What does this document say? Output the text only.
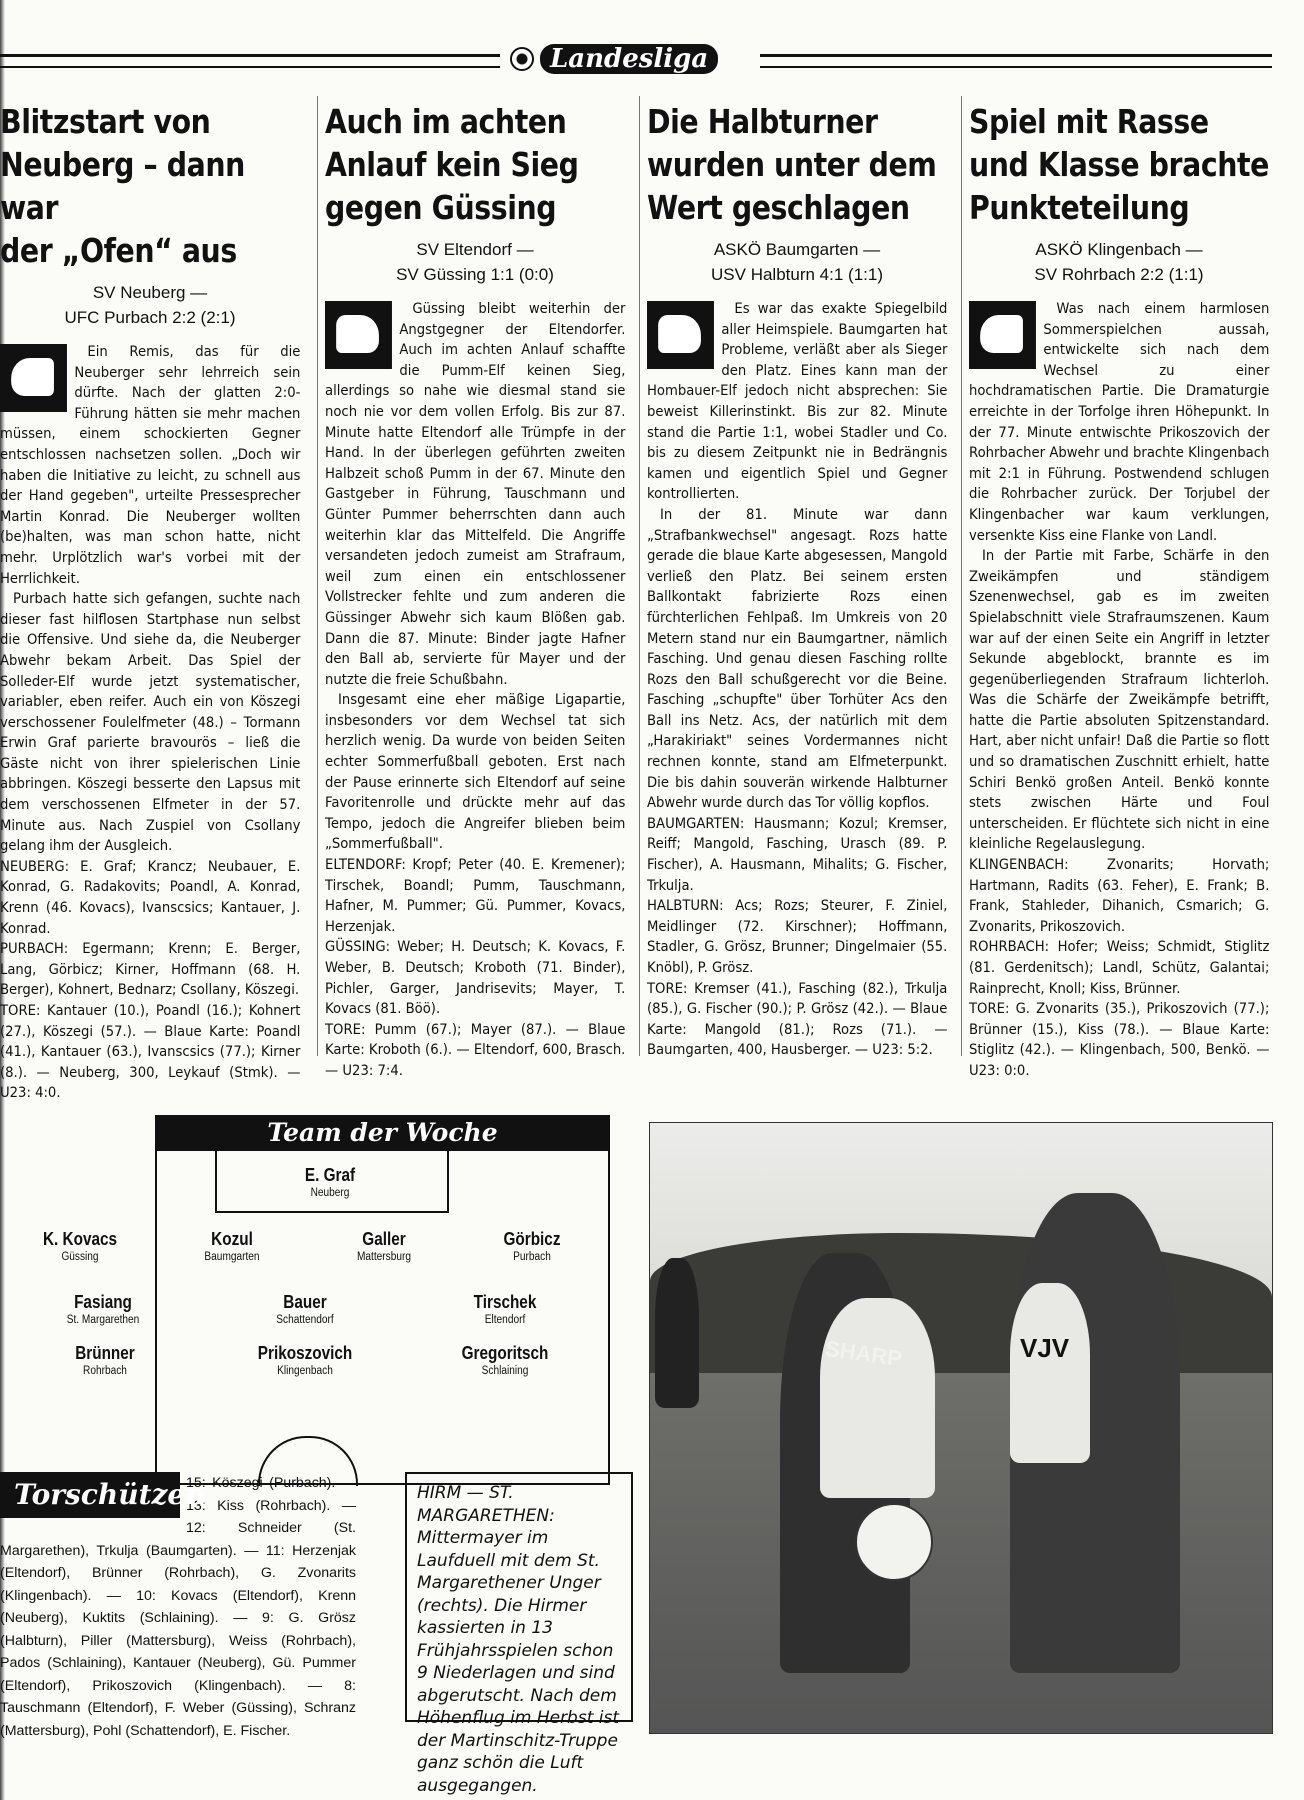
Landesliga
Blitzstart von
Neuberg – dann war
der „Ofen“ aus
SV Neuberg —
UFC Purbach 2:2 (2:1)

Ein Remis, das für die Neuberger sehr lehrreich sein dürfte. Nach der glatten 2:0-Führung hätten sie mehr machen müssen, einem schockierten Gegner entschlossen nachsetzen sollen. „Doch wir haben die Initiative zu leicht, zu schnell aus der Hand gegeben", urteilte Pressesprecher Martin Konrad. Die Neuberger wollten (be)halten, was man schon hatte, nicht mehr. Urplötzlich war's vorbei mit der Herrlichkeit.

Purbach hatte sich gefangen, suchte nach dieser fast hilflosen Startphase nun selbst die Offensive. Und siehe da, die Neuberger Abwehr bekam Arbeit. Das Spiel der Solleder-Elf wurde jetzt systematischer, variabler, eben reifer. Auch ein von Köszegi verschossener Foulelfmeter (48.) – Tormann Erwin Graf parierte bravourös – ließ die Gäste nicht von ihrer spielerischen Linie abbringen. Köszegi besserte den Lapsus mit dem verschossenen Elfmeter in der 57. Minute aus. Nach Zuspiel von Csollany gelang ihm der Ausgleich.

NEUBERG: E. Graf; Krancz; Neubauer, E. Konrad, G. Radakovits; Poandl, A. Konrad, Krenn (46. Kovacs), Ivanscsics; Kantauer, J. Konrad.

PURBACH: Egermann; Krenn; E. Berger, Lang, Görbicz; Kirner, Hoffmann (68. H. Berger), Kohnert, Bednarz; Csollany, Köszegi.

TORE: Kantauer (10.), Poandl (16.); Kohnert (27.), Köszegi (57.). — Blaue Karte: Poandl (41.), Kantauer (63.), Ivanscsics (77.); Kirner (8.). — Neuberg, 300, Leykauf (Stmk). — U23: 4:0.

Auch im achten
Anlauf kein Sieg
gegen Güssing
SV Eltendorf —
SV Güssing 1:1 (0:0)

Güssing bleibt weiterhin der Angstgegner der Eltendorfer. Auch im achten Anlauf schaffte die Pumm-Elf keinen Sieg, allerdings so nahe wie diesmal stand sie noch nie vor dem vollen Erfolg. Bis zur 87. Minute hatte Eltendorf alle Trümpfe in der Hand. In der überlegen geführten zweiten Halbzeit schoß Pumm in der 67. Minute den Gastgeber in Führung, Tauschmann und Günter Pummer beherrschten dann auch weiterhin klar das Mittelfeld. Die Angriffe versandeten jedoch zumeist am Strafraum, weil zum einen ein entschlossener Vollstrecker fehlte und zum anderen die Güssinger Abwehr sich kaum Blößen gab. Dann die 87. Minute: Binder jagte Hafner den Ball ab, servierte für Mayer und der nutzte die freie Schußbahn.

Insgesamt eine eher mäßige Ligapartie, insbesonders vor dem Wechsel tat sich herzlich wenig. Da wurde von beiden Seiten echter Sommerfußball geboten. Erst nach der Pause erinnerte sich Eltendorf auf seine Favoritenrolle und drückte mehr auf das Tempo, jedoch die Angreifer blieben beim „Sommerfußball".

ELTENDORF: Kropf; Peter (40. E. Kremener); Tirschek, Boandl; Pumm, Tauschmann, Hafner, M. Pummer; Gü. Pummer, Kovacs, Herzenjak.

GÜSSING: Weber; H. Deutsch; K. Kovacs, F. Weber, B. Deutsch; Kroboth (71. Binder), Pichler, Garger, Jandrisevits; Mayer, T. Kovacs (81. Böö).

TORE: Pumm (67.); Mayer (87.). — Blaue Karte: Kroboth (6.). — Eltendorf, 600, Brasch. — U23: 7:4.

Die Halbturner
wurden unter dem
Wert geschlagen
ASKÖ Baumgarten —
USV Halbturn 4:1 (1:1)

Es war das exakte Spiegelbild aller Heimspiele. Baumgarten hat Probleme, verläßt aber als Sieger den Platz. Eines kann man der Hombauer-Elf jedoch nicht absprechen: Sie beweist Killerinstinkt. Bis zur 82. Minute stand die Partie 1:1, wobei Stadler und Co. bis zu diesem Zeitpunkt nie in Bedrängnis kamen und eigentlich Spiel und Gegner kontrollierten.

In der 81. Minute war dann „Strafbankwechsel" angesagt. Rozs hatte gerade die blaue Karte abgesessen, Mangold verließ den Platz. Bei seinem ersten Ballkontakt fabrizierte Rozs einen fürchterlichen Fehlpaß. Im Umkreis von 20 Metern stand nur ein Baumgartner, nämlich Fasching. Und genau diesen Fasching rollte Rozs den Ball schußgerecht vor die Beine. Fasching „schupfte" über Torhüter Acs den Ball ins Netz. Acs, der natürlich mit dem „Harakiriakt" seines Vordermannes nicht rechnen konnte, stand am Elfmeterpunkt. Die bis dahin souverän wirkende Halbturner Abwehr wurde durch das Tor völlig kopflos.

BAUMGARTEN: Hausmann; Kozul; Kremser, Reiff; Mangold, Fasching, Urasch (89. P. Fischer), A. Hausmann, Mihalits; G. Fischer, Trkulja.

HALBTURN: Acs; Rozs; Steurer, F. Ziniel, Meidlinger (72. Kirschner); Hoffmann, Stadler, G. Grösz, Brunner; Dingelmaier (55. Knöbl), P. Grösz.

TORE: Kremser (41.), Fasching (82.), Trkulja (85.), G. Fischer (90.); P. Grösz (42.). — Blaue Karte: Mangold (81.); Rozs (71.). — Baumgarten, 400, Hausberger. — U23: 5:2.

Spiel mit Rasse
und Klasse brachte
Punkteteilung
ASKÖ Klingenbach —
SV Rohrbach 2:2 (1:1)

Was nach einem harmlosen Sommerspielchen aussah, entwickelte sich nach dem Wechsel zu einer hochdramatischen Partie. Die Dramaturgie erreichte in der Torfolge ihren Höhepunkt. In der 77. Minute entwischte Prikoszovich der Rohrbacher Abwehr und brachte Klingenbach mit 2:1 in Führung. Postwendend schlugen die Rohrbacher zurück. Der Torjubel der Klingenbacher war kaum verklungen, versenkte Kiss eine Flanke von Landl.

In der Partie mit Farbe, Schärfe in den Zweikämpfen und ständigem Szenenwechsel, gab es im zweiten Spielabschnitt viele Strafraumszenen. Kaum war auf der einen Seite ein Angriff in letzter Sekunde abgeblockt, brannte es im gegenüberliegenden Strafraum lichterloh. Was die Schärfe der Zweikämpfe betrifft, hatte die Partie absoluten Spitzenstandard. Hart, aber nicht unfair! Daß die Partie so flott und so dramatischen Zuschnitt erhielt, hatte Schiri Benkö großen Anteil. Benkö konnte stets zwischen Härte und Foul unterscheiden. Er flüchtete sich nicht in eine kleinliche Regelauslegung.

KLINGENBACH: Zvonarits; Horvath; Hartmann, Radits (63. Feher), E. Frank; B. Frank, Stahleder, Dihanich, Csmarich; G. Zvonarits, Prikoszovich.

ROHRBACH: Hofer; Weiss; Schmidt, Stiglitz (81. Gerdenitsch); Landl, Schütz, Galantai; Rainprecht, Knoll; Kiss, Brünner.

TORE: G. Zvonarits (35.), Prikoszovich (77.); Brünner (15.), Kiss (78.). — Blaue Karte: Stiglitz (42.). — Klingenbach, 500, Benkö. — U23: 0:0.

Team der Woche
E. Graf
Neuberg
K. Kovacs
Güssing
Kozul
Baumgarten
Galler
Mattersburg
Görbicz
Purbach
Fasiang
St. Margarethen
Bauer
Schattendorf
Tirschek
Eltendorf
Brünner
Rohrbach
Prikoszovich
Klingenbach
Gregoritsch
Schlaining
15: Köszegi (Purbach). — 13: Kiss (Rohrbach). — 12: Schneider (St. Margarethen), Trkulja (Baumgarten). — 11: Herzenjak (Eltendorf), Brünner (Rohrbach), G. Zvonarits (Klingenbach). — 10: Kovacs (Eltendorf), Krenn (Neuberg), Kuktits (Schlaining). — 9: G. Grösz (Halbturn), Piller (Mattersburg), Weiss (Rohrbach), Pados (Schlaining), Kantauer (Neuberg), Gü. Pummer (Eltendorf), Prikoszovich (Klingenbach). — 8: Tauschmann (Eltendorf), F. Weber (Güssing), Schranz (Mattersburg), Pohl (Schattendorf), E. Fischer.
Torschützen	HIRM — ST. MARGARETHEN: Mittermayer im Laufduell mit dem St. Margarethener Unger (rechts). Die Hirmer kassierten in 13 Frühjahrsspielen schon 9 Niederlagen und sind abgerutscht. Nach dem Höhenflug im Herbst ist der Martinschitz-Truppe ganz schön die Luft ausgegangen.
SHARP	VJV
